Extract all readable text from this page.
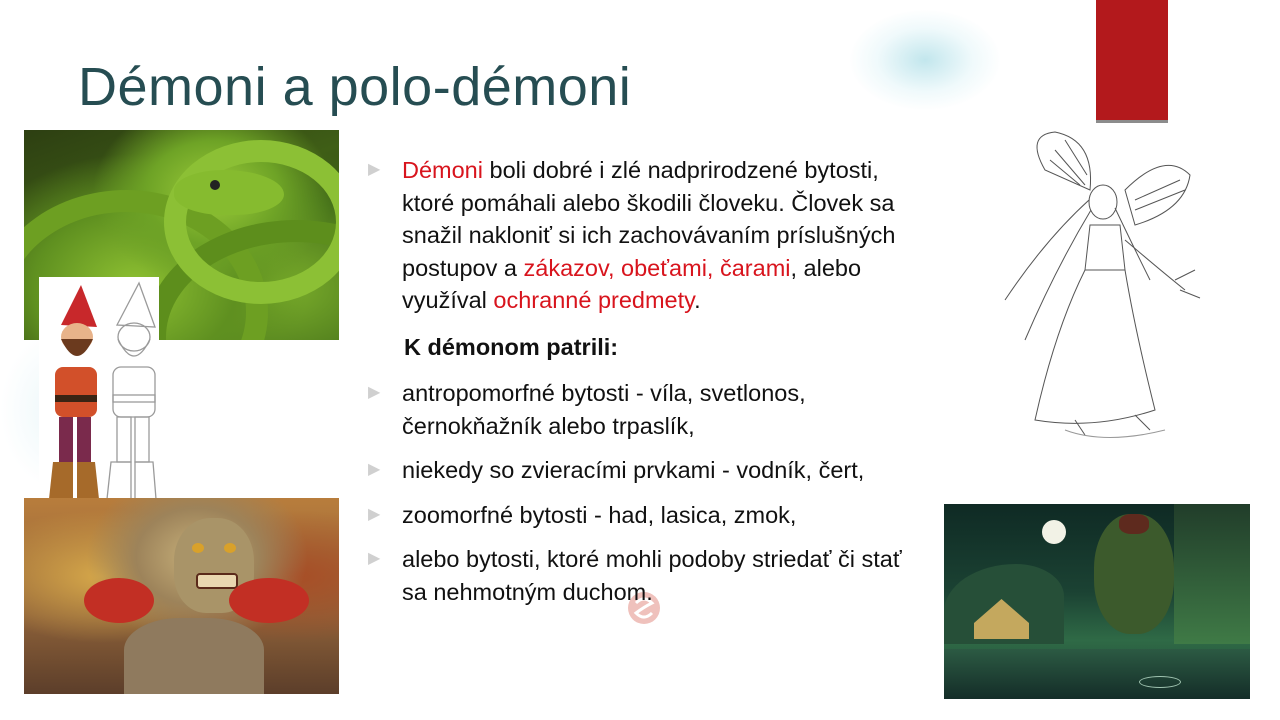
Démoni a polo-démoni
▶ Démoni boli dobré i zlé nadprirodzené bytosti, ktoré pomáhali alebo škodili človeku. Človek sa snažil nakloniť si ich zachovávaním príslušných postupov a zákazov, obeťami, čarami, alebo využíval ochranné predmety.
K démonom patrili:
▶ antropomorfné bytosti - víla, svetlonos, černokňažník alebo trpaslík,
▶ niekedy so zvieracími prvkami - vodník, čert,
▶ zoomorfné bytosti - had, lasica, zmok,
▶ alebo bytosti, ktoré mohli podoby striedať či stať sa nehmotným duchom.
